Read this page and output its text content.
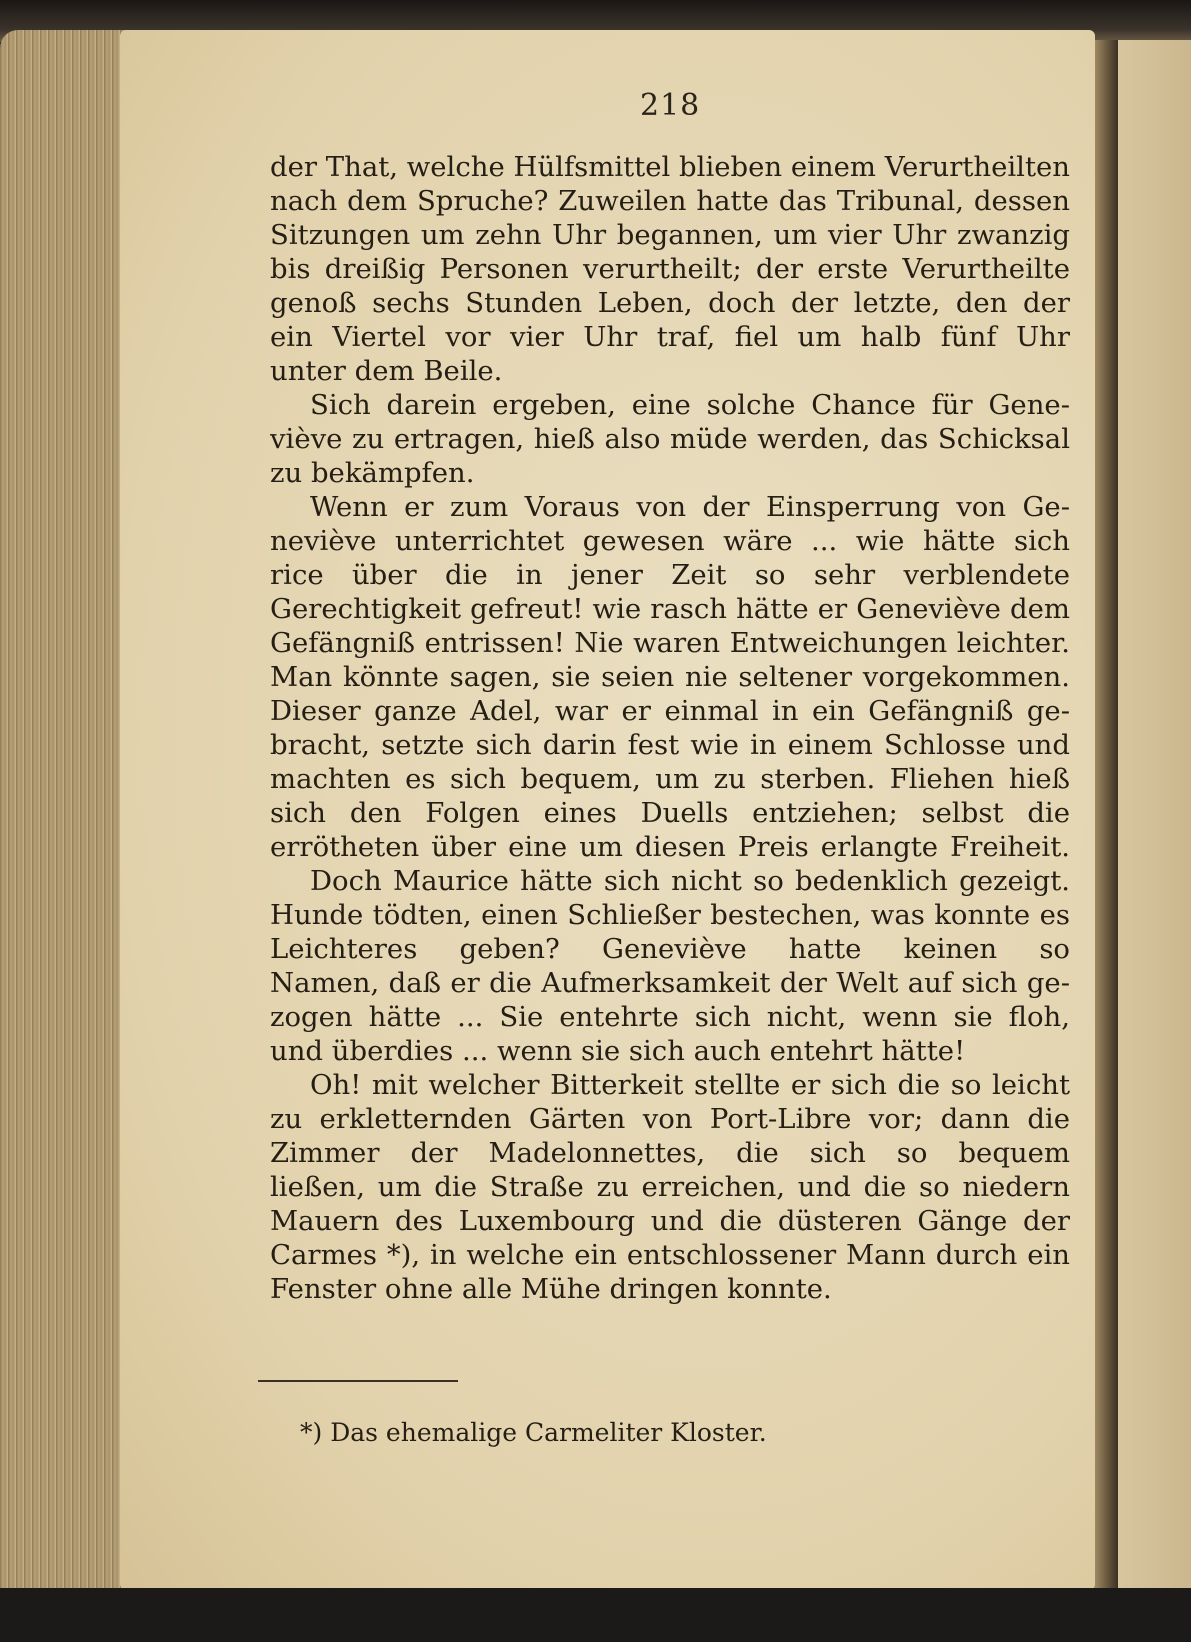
218
der That, welche Hülfsmittel blieben einem Verurtheilten
nach dem Spruche? Zuweilen hatte das Tribunal, dessen
Sitzungen um zehn Uhr begannen, um vier Uhr zwanzig
bis dreißig Personen verurtheilt; der erste Verurtheilte
genoß sechs Stunden Leben, doch der letzte, den der
ein Viertel vor vier Uhr traf, fiel um halb fünf Uhr
unter dem Beile.
Sich darein ergeben, eine solche Chance für Gene-
viève zu ertragen, hieß also müde werden, das Schicksal
zu bekämpfen.
Wenn er zum Voraus von der Einsperrung von Ge-
neviève unterrichtet gewesen wäre ... wie hätte sich
rice über die in jener Zeit so sehr verblendete
Gerechtigkeit gefreut! wie rasch hätte er Geneviève dem
Gefängniß entrissen! Nie waren Entweichungen leichter.
Man könnte sagen, sie seien nie seltener vorgekommen.
Dieser ganze Adel, war er einmal in ein Gefängniß ge-
bracht, setzte sich darin fest wie in einem Schlosse und
machten es sich bequem, um zu sterben. Fliehen hieß
sich den Folgen eines Duells entziehen; selbst die
errötheten über eine um diesen Preis erlangte Freiheit.
Doch Maurice hätte sich nicht so bedenklich gezeigt.
Hunde tödten, einen Schließer bestechen, was konnte es
Leichteres geben? Geneviève hatte keinen so
Namen, daß er die Aufmerksamkeit der Welt auf sich ge-
zogen hätte ... Sie entehrte sich nicht, wenn sie floh,
und überdies ... wenn sie sich auch entehrt hätte!
Oh! mit welcher Bitterkeit stellte er sich die so leicht
zu erkletternden Gärten von Port-Libre vor; dann die
Zimmer der Madelonnettes, die sich so bequem
ließen, um die Straße zu erreichen, und die so niedern
Mauern des Luxembourg und die düsteren Gänge der
Carmes *), in welche ein entschlossener Mann durch ein
Fenster ohne alle Mühe dringen konnte.
*) Das ehemalige Carmeliter Kloster.
